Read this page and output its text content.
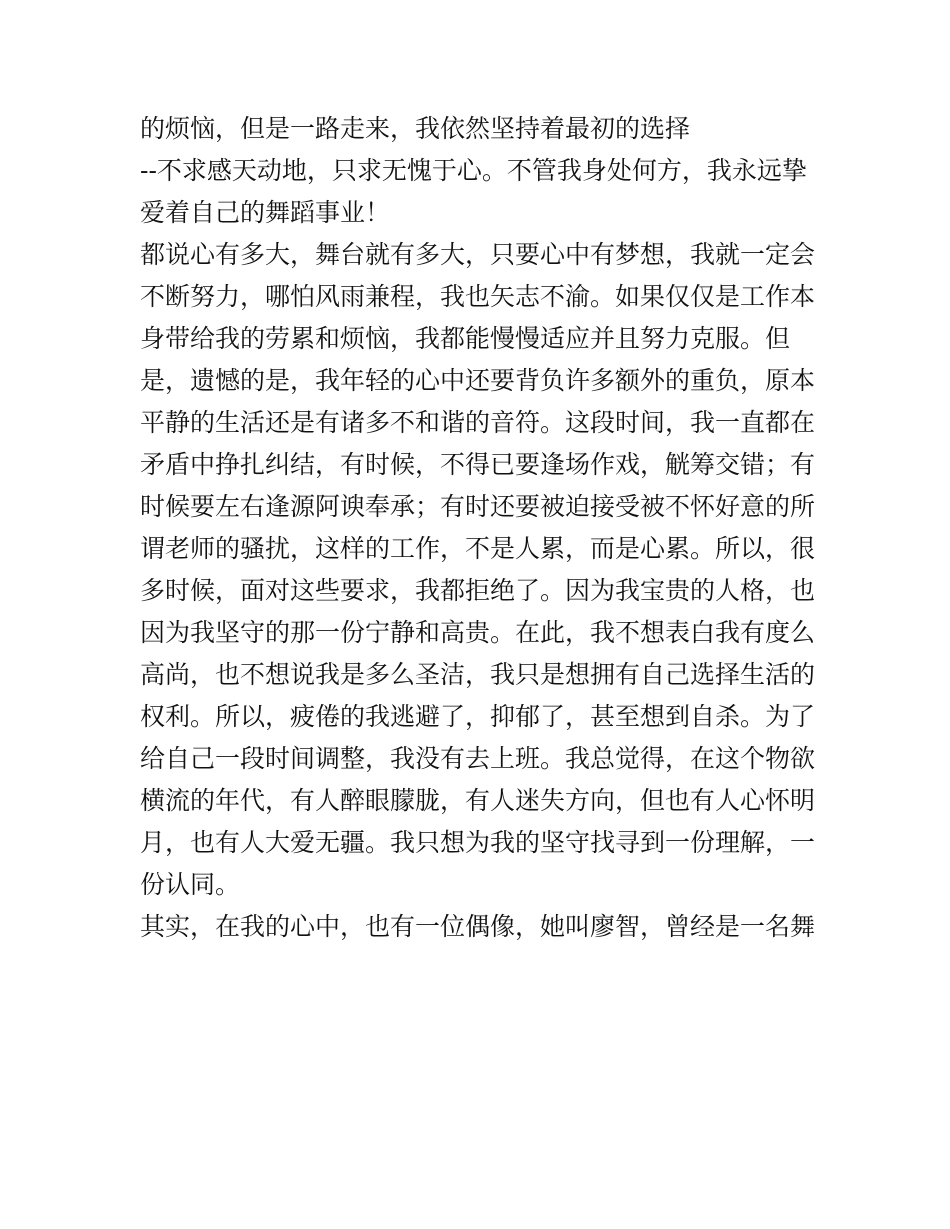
的烦恼，但是一路走来，我依然坚持着最初的选择
--不求感天动地，只求无愧于心。不管我身处何方，我永远挚
爱着自己的舞蹈事业！
都说心有多大，舞台就有多大，只要心中有梦想，我就一定会
不断努力，哪怕风雨兼程，我也矢志不渝。如果仅仅是工作本
身带给我的劳累和烦恼，我都能慢慢适应并且努力克服。但
是，遗憾的是，我年轻的心中还要背负许多额外的重负，原本
平静的生活还是有诸多不和谐的音符。这段时间，我一直都在
矛盾中挣扎纠结，有时候，不得已要逢场作戏，觥筹交错；有
时候要左右逢源阿谀奉承；有时还要被迫接受被不怀好意的所
谓老师的骚扰，这样的工作，不是人累，而是心累。所以，很
多时候，面对这些要求，我都拒绝了。因为我宝贵的人格，也
因为我坚守的那一份宁静和高贵。在此，我不想表白我有度么
高尚，也不想说我是多么圣洁，我只是想拥有自己选择生活的
权利。所以，疲倦的我逃避了，抑郁了，甚至想到自杀。为了
给自己一段时间调整，我没有去上班。我总觉得，在这个物欲
横流的年代，有人醉眼朦胧，有人迷失方向，但也有人心怀明
月，也有人大爱无疆。我只想为我的坚守找寻到一份理解，一
份认同。
其实，在我的心中，也有一位偶像，她叫廖智，曾经是一名舞
